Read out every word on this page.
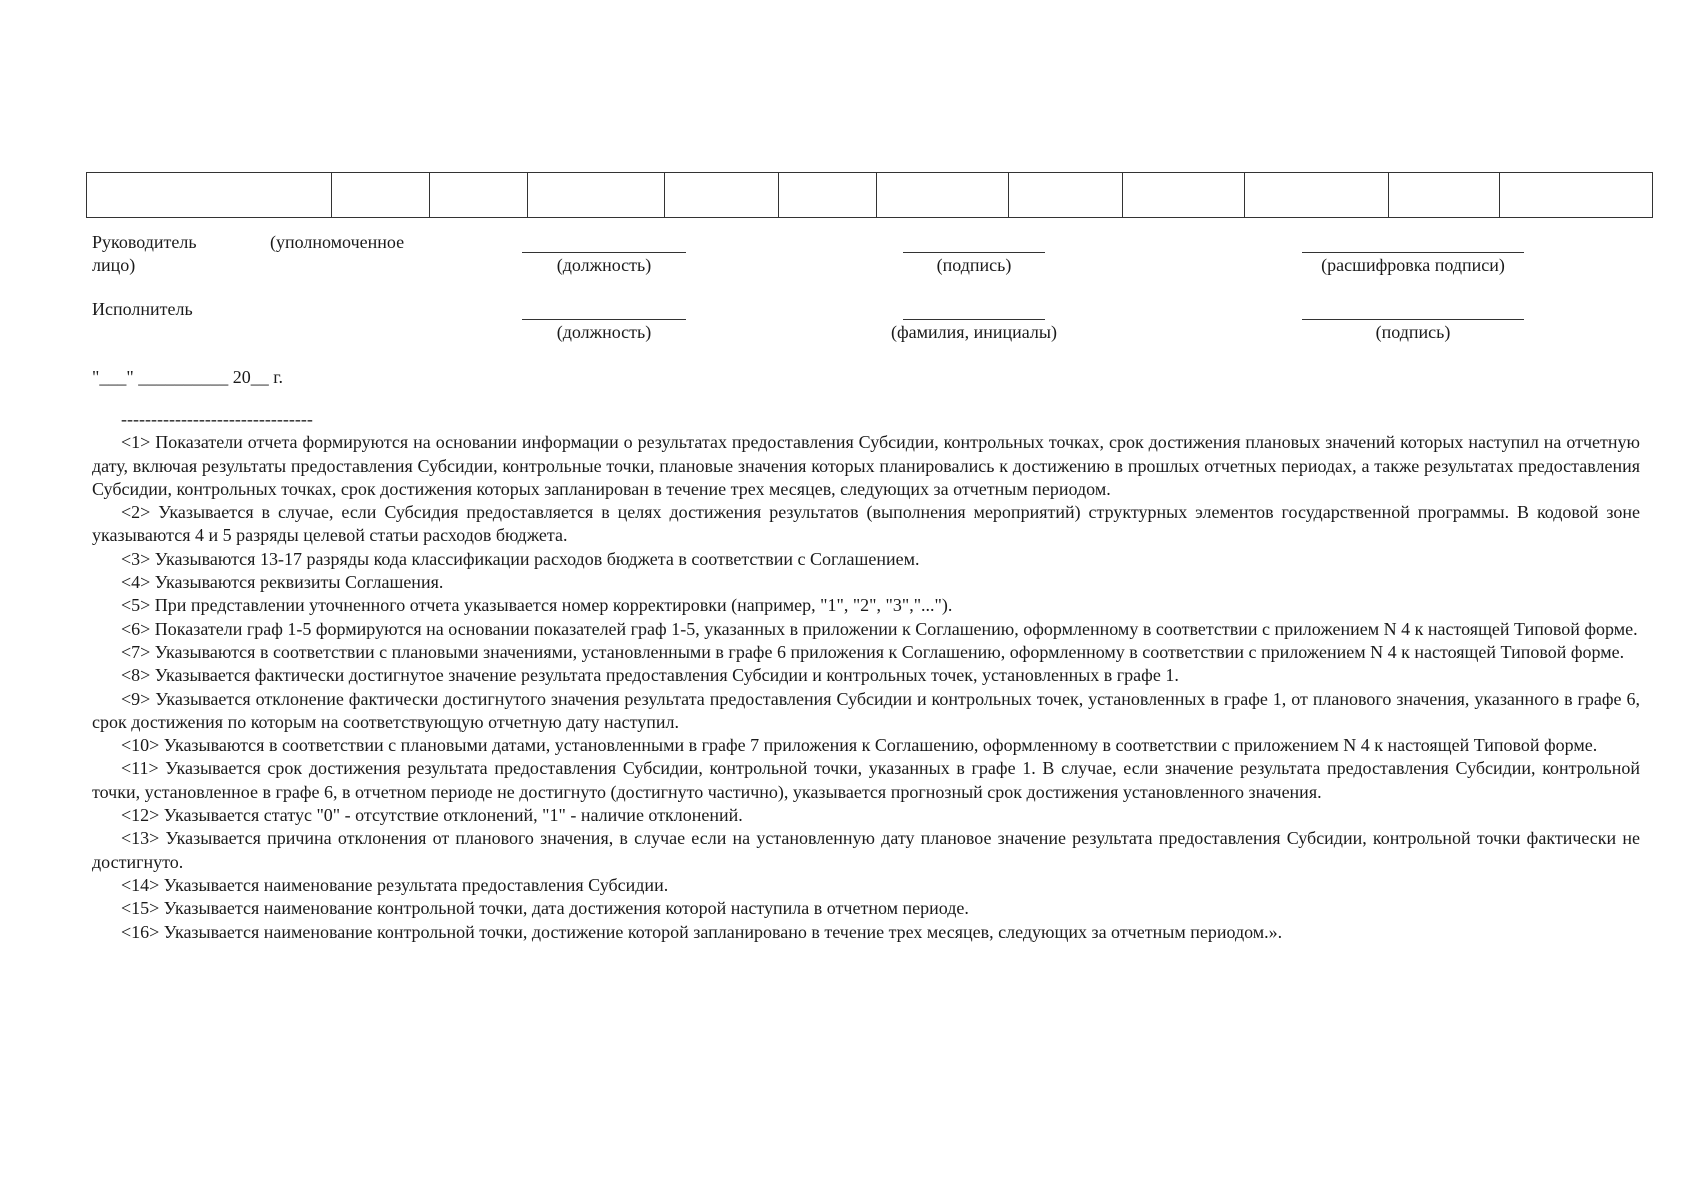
Руководитель	(уполномоченное
лицо)	(должность)	(подпись)	(расшифровка подписи)
Исполнитель
(должность)	(фамилия, инициалы)	(подпись)
"___" __________ 20__ г.

--------------------------------

<1> Показатели отчета формируются на основании информации о результатах предоставления Субсидии, контрольных точках, срок достижения плановых значений которых наступил на отчетную дату, включая результаты предоставления Субсидии, контрольные точки, плановые значения которых планировались к достижению в прошлых отчетных периодах, а также результатах предоставления Субсидии, контрольных точках, срок достижения которых запланирован в течение трех месяцев, следующих за отчетным периодом.

<2> Указывается в случае, если Субсидия предоставляется в целях достижения результатов (выполнения мероприятий) структурных элементов государственной программы. В кодовой зоне указываются 4 и 5 разряды целевой статьи расходов бюджета.

<3> Указываются 13-17 разряды кода классификации расходов бюджета в соответствии с Соглашением.

<4> Указываются реквизиты Соглашения.

<5> При представлении уточненного отчета указывается номер корректировки (например, "1", "2", "3","...").

<6> Показатели граф 1-5 формируются на основании показателей граф 1-5, указанных в приложении к Соглашению, оформленному в соответствии с приложением N 4 к настоящей Типовой форме.

<7> Указываются в соответствии с плановыми значениями, установленными в графе 6 приложения к Соглашению, оформленному в соответствии с приложением N 4 к настоящей Типовой форме.

<8> Указывается фактически достигнутое значение результата предоставления Субсидии и контрольных точек, установленных в графе 1.

<9> Указывается отклонение фактически достигнутого значения результата предоставления Субсидии и контрольных точек, установленных в графе 1, от планового значения, указанного в графе 6, срок достижения по которым на соответствующую отчетную дату наступил.

<10> Указываются в соответствии с плановыми датами, установленными в графе 7 приложения к Соглашению, оформленному в соответствии с приложением N 4 к настоящей Типовой форме.

<11> Указывается срок достижения результата предоставления Субсидии, контрольной точки, указанных в графе 1. В случае, если значение результата предоставления Субсидии, контрольной точки, установленное в графе 6, в отчетном периоде не достигнуто (достигнуто частично), указывается прогнозный срок достижения установленного значения.

<12> Указывается статус "0" - отсутствие отклонений, "1" - наличие отклонений.

<13> Указывается причина отклонения от планового значения, в случае если на установленную дату плановое значение результата предоставления Субсидии, контрольной точки фактически не достигнуто.

<14> Указывается наименование результата предоставления Субсидии.

<15> Указывается наименование контрольной точки, дата достижения которой наступила в отчетном периоде.

<16> Указывается наименование контрольной точки, достижение которой запланировано в течение трех месяцев, следующих за отчетным периодом.».
